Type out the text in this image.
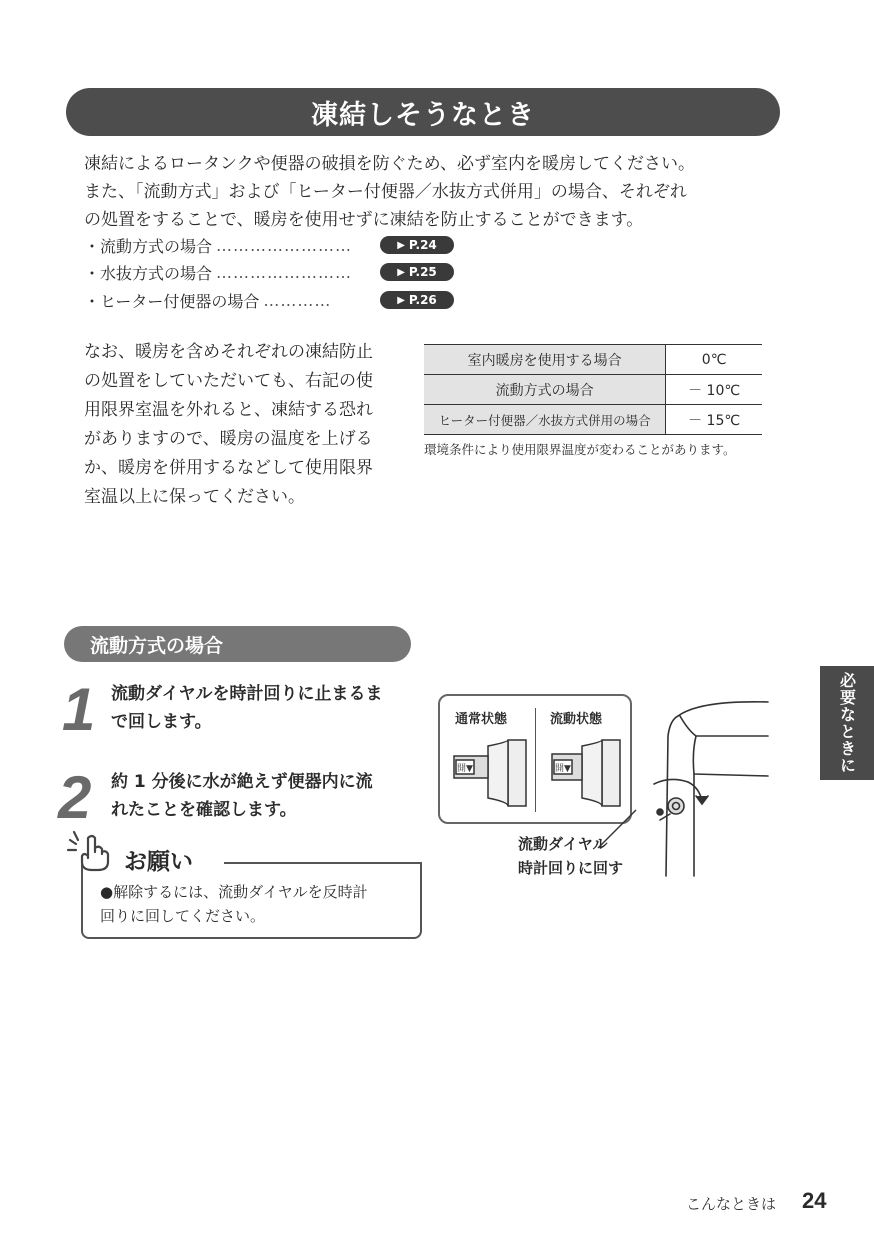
凍結しそうなとき

凍結によるロータンクや便器の破損を防ぐため、必ず室内を暖房してください。

また、「流動方式」および「ヒーター付便器／水抜方式併用」の場合、それぞれ

の処置をすることで、暖房を使用せずに凍結を防止することができます。

・流動方式の場合 ……………………	▶ P.24
・水抜方式の場合 ……………………	▶ P.25
・ヒーター付便器の場合 …………	▶ P.26

なお、暖房を含めそれぞれの凍結防止

の処置をしていただいても、右記の使

用限界室温を外れると、凍結する恐れ

がありますので、暖房の温度を上げる

か、暖房を併用するなどして使用限界

室温以上に保ってください。

室内暖房を使用する場合	0℃
流動方式の場合	－ 10℃
ヒーター付便器／水抜方式併用の場合	－ 15℃
環境条件により使用限界温度が変わることがあります。
流動方式の場合
1 流動ダイヤルを時計回りに止まるま

で回します。

2 約 1 分後に水が絶えず便器内に流

れたことを確認します。

お願い

●解除するには、流動ダイヤルを反時計

回りに回してください。

通常状態	流動状態
開▼	開▼

流動ダイヤル

時計回りに回す

必要なときに
こんなときは 24
